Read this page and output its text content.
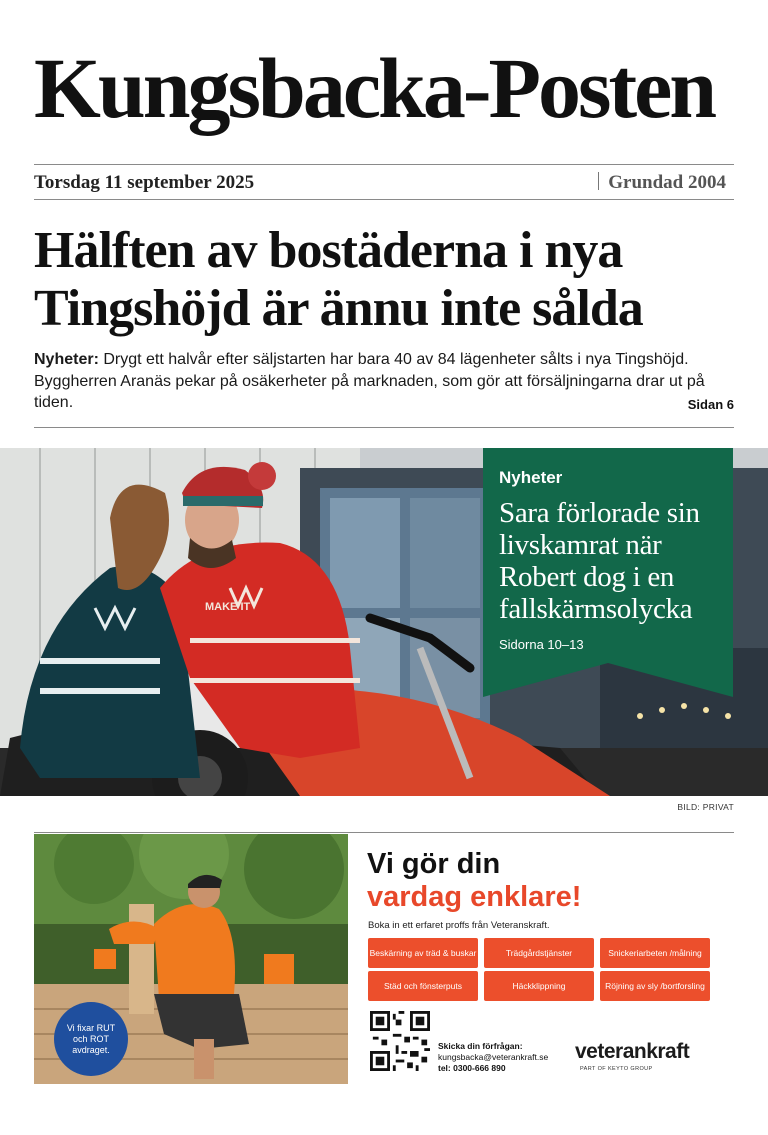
Kungsbacka-Posten
Torsdag 11 september 2025	Grundad 2004
Hälften av bostäderna i nya Tingshöjd är ännu inte sålda

Nyheter: Drygt ett halvår efter säljstarten har bara 40 av 84 lägenheter sålts i nya Tingshöjd. Byggherren Aranäs pekar på osäkerheter på marknaden, som gör att försäljningarna drar ut på tiden.	Sidan 6
MAKE IT
Nyheter
Sara förlorade sin livskamrat när Robert dog i en fallskärmsolycka
Sidorna 10–13
BILD: PRIVAT
Vi fixar RUT och ROT avdraget.
Vi gör din
vardag enklare!
Boka in ett erfaret proffs från Veteranskraft.
Beskärning av träd & buskar	Trädgårdstjänster	Snickeriarbeten /målning
Städ och fönsterputs	Häckklippning	Röjning av sly /bortforsling
Skicka din förfrågan:
kungsbacka@veterankraft.se
tel: 0300-666 890
veterankraft
PART OF KEYTO GROUP
